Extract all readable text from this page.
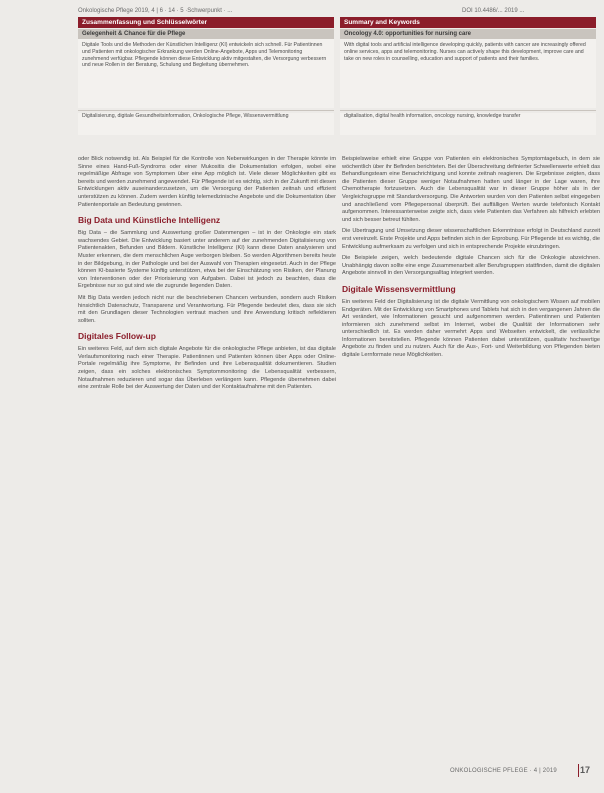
Onkologische Pflege 2019, 4 | 6 · 14 · 5 ·Schwerpunkt · ...	DOI 10.4486/... 2019 ...
Zusammenfassung und Schlüsselwörter
Gelegenheit & Chance für die Pflege
Digitale Tools und die Methoden der Künstlichen Intelligenz (KI) entwickeln sich schnell. Für Patientinnen und Patienten mit onkologischer Erkrankung werden Online-Angebote, Apps und Telemonitoring zunehmend verfügbar. Pflegende können diese Entwicklung aktiv mitgestalten, die Versorgung verbessern und neue Rollen in der Beratung, Schulung und Begleitung übernehmen.
Digitalisierung, digitale Gesundheitsinformation, Onkologische Pflege, Wissensvermittlung
Summary and Keywords
Oncology 4.0: opportunities for nursing care
With digital tools and artificial intelligence developing quickly, patients with cancer are increasingly offered online services, apps and telemonitoring. Nurses can actively shape this development, improve care and take on new roles in counselling, education and support of patients and their families.
digitalisation, digital health information, oncology nursing, knowledge transfer

oder Blick notwendig ist. Als Beispiel für die Kontrolle von Nebenwirkungen in der Therapie könnte im Sinne eines Hand-Fuß-Syndroms oder einer Mukositis die Dokumentation erfolgen, wobei eine regelmäßige Abfrage von Symptomen über eine App möglich ist. Viele dieser Möglichkeiten gibt es bereits und werden zunehmend angewendet. Für Pflegende ist es wichtig, sich in der Zukunft mit diesen Entwicklungen aktiv auseinanderzusetzen, um die Versorgung der Patienten zeitnah und effizient unterstützen zu können. Zudem werden künftig telemedizinische Angebote und die Dokumentation über Patientenportale an Bedeutung gewinnen.

Big Data und Künstliche Intelligenz

Big Data – die Sammlung und Auswertung großer Datenmengen – ist in der Onkologie ein stark wachsendes Gebiet. Die Entwicklung basiert unter anderem auf der zunehmenden Digitalisierung von Patientenakten, Befunden und Bildern. Künstliche Intelligenz (KI) kann diese Daten analysieren und Muster erkennen, die dem menschlichen Auge verborgen bleiben. So werden Algorithmen bereits heute in der Bildgebung, in der Pathologie und bei der Auswahl von Therapien eingesetzt. Auch in der Pflege können KI-basierte Systeme künftig unterstützen, etwa bei der Einschätzung von Risiken, der Planung von Interventionen oder der Priorisierung von Aufgaben. Dabei ist jedoch zu beachten, dass die Ergebnisse nur so gut sind wie die zugrunde liegenden Daten.

Mit Big Data werden jedoch nicht nur die beschriebenen Chancen verbunden, sondern auch Risiken hinsichtlich Datenschutz, Transparenz und Verantwortung. Für Pflegende bedeutet dies, dass sie sich mit den Grundlagen dieser Technologien vertraut machen und ihre Anwendung kritisch reflektieren sollten.

Digitales Follow-up

Ein weiteres Feld, auf dem sich digitale Angebote für die onkologische Pflege anbieten, ist das digitale Verlaufsmonitoring nach einer Therapie. Patientinnen und Patienten können über Apps oder Online-Portale regelmäßig ihre Symptome, ihr Befinden und ihre Lebensqualität dokumentieren. Studien zeigen, dass ein solches elektronisches Symptommonitoring die Lebensqualität verbessern, Notaufnahmen reduzieren und sogar das Überleben verlängern kann. Pflegende übernehmen dabei eine zentrale Rolle bei der Auswertung der Daten und der Kontaktaufnahme mit den Patienten.

Beispielsweise erhielt eine Gruppe von Patienten ein elektronisches Symptomtagebuch, in dem sie wöchentlich über ihr Befinden berichteten. Bei der Überschreitung definierter Schwellenwerte erhielt das Behandlungsteam eine Benachrichtigung und konnte zeitnah reagieren. Die Ergebnisse zeigten, dass die Patienten dieser Gruppe weniger Notaufnahmen hatten und länger in der Lage waren, ihre Chemotherapie fortzusetzen. Auch die Lebensqualität war in dieser Gruppe höher als in der Vergleichsgruppe mit Standardversorgung. Die Antworten wurden von den Patienten selbst eingegeben und anschließend vom Pflegepersonal überprüft. Bei auffälligen Werten wurde telefonisch Kontakt aufgenommen. Interessanterweise zeigte sich, dass viele Patienten das Verfahren als hilfreich erlebten und sich besser betreut fühlten.

Die Übertragung und Umsetzung dieser wissenschaftlichen Erkenntnisse erfolgt in Deutschland zurzeit erst vereinzelt. Erste Projekte und Apps befinden sich in der Erprobung. Für Pflegende ist es wichtig, die Entwicklung aufmerksam zu verfolgen und sich in entsprechende Projekte einzubringen.

Die Beispiele zeigen, welch bedeutende digitale Chancen sich für die Onkologie abzeichnen. Unabhängig davon sollte eine enge Zusammenarbeit aller Berufsgruppen stattfinden, damit die digitalen Angebote sinnvoll in den Versorgungsalltag integriert werden.

Digitale Wissensvermittlung

Ein weiteres Feld der Digitalisierung ist die digitale Vermittlung von onkologischem Wissen auf mobilen Endgeräten. Mit der Entwicklung von Smartphones und Tablets hat sich in den vergangenen Jahren die Art verändert, wie Informationen gesucht und aufgenommen werden. Patientinnen und Patienten informieren sich zunehmend selbst im Internet, wobei die Qualität der Informationen sehr unterschiedlich ist. Es werden daher vermehrt Apps und Webseiten entwickelt, die verlässliche Informationen bereitstellen. Pflegende können Patienten dabei unterstützen, qualitativ hochwertige Angebote zu finden und zu nutzen. Auch für die Aus-, Fort- und Weiterbildung von Pflegenden bieten digitale Lernformate neue Möglichkeiten.

ONKOLOGISCHE PFLEGE · 4 | 2019	17
